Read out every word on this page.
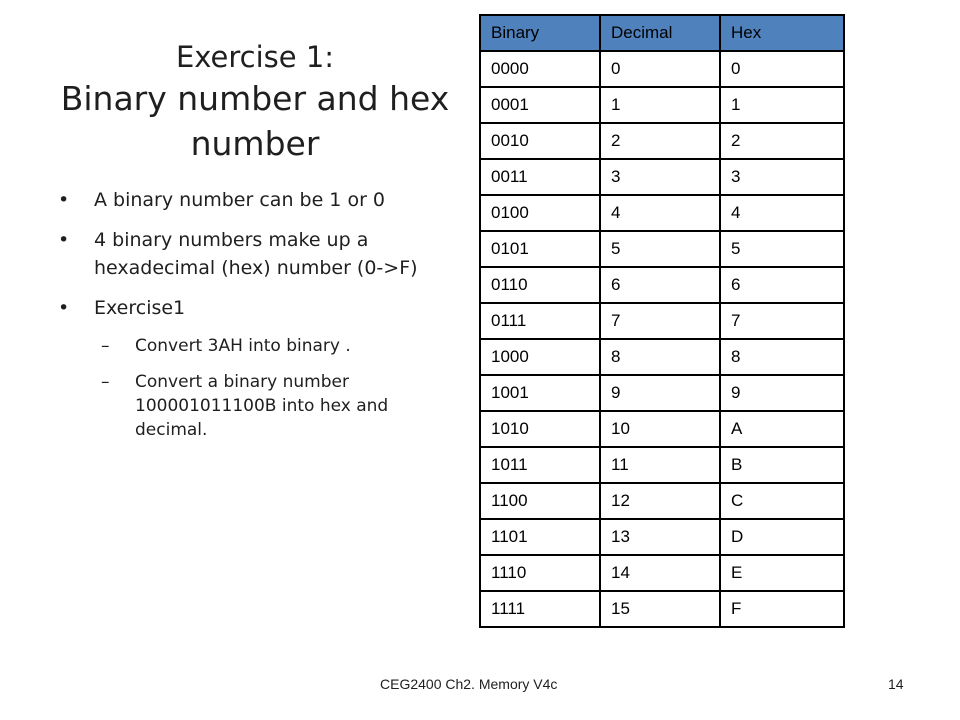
Exercise 1:
Binary number and hex number
• A binary number can be 1 or 0
• 4 binary numbers make up a hexadecimal (hex) number (0->F)
• Exercise1
– Convert 3AH into binary .
– Convert a binary number 100001011100B into hex and decimal.
Binary	Decimal	Hex
0000	0	0
0001	1	1
0010	2	2
0011	3	3
0100	4	4
0101	5	5
0110	6	6
0111	7	7
1000	8	8
1001	9	9
1010	10	A
1011	11	B
1100	12	C
1101	13	D
1110	14	E
1111	15	F
CEG2400 Ch2. Memory V4c	14
